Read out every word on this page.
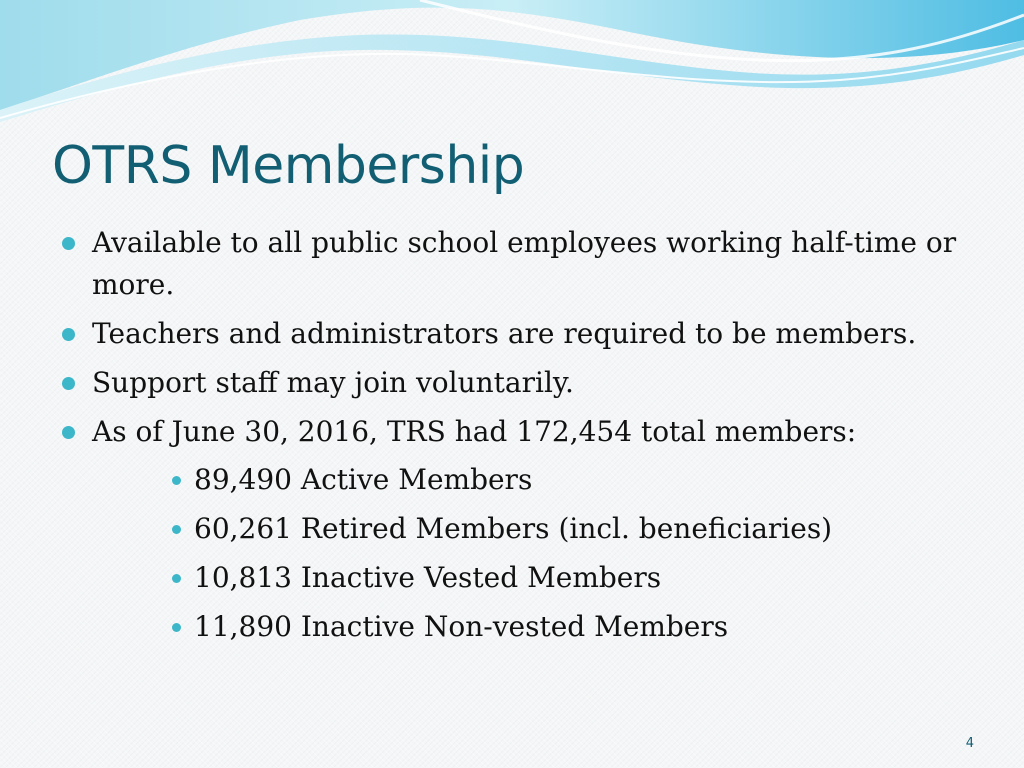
OTRS Membership
Available to all public school employees working half-time or more.
Teachers and administrators are required to be members.
Support staff may join voluntarily.
As of June 30, 2016, TRS had 172,454 total members:
89,490 Active Members
60,261 Retired Members (incl. beneficiaries)
10,813 Inactive Vested Members
11,890 Inactive Non-vested Members
4
